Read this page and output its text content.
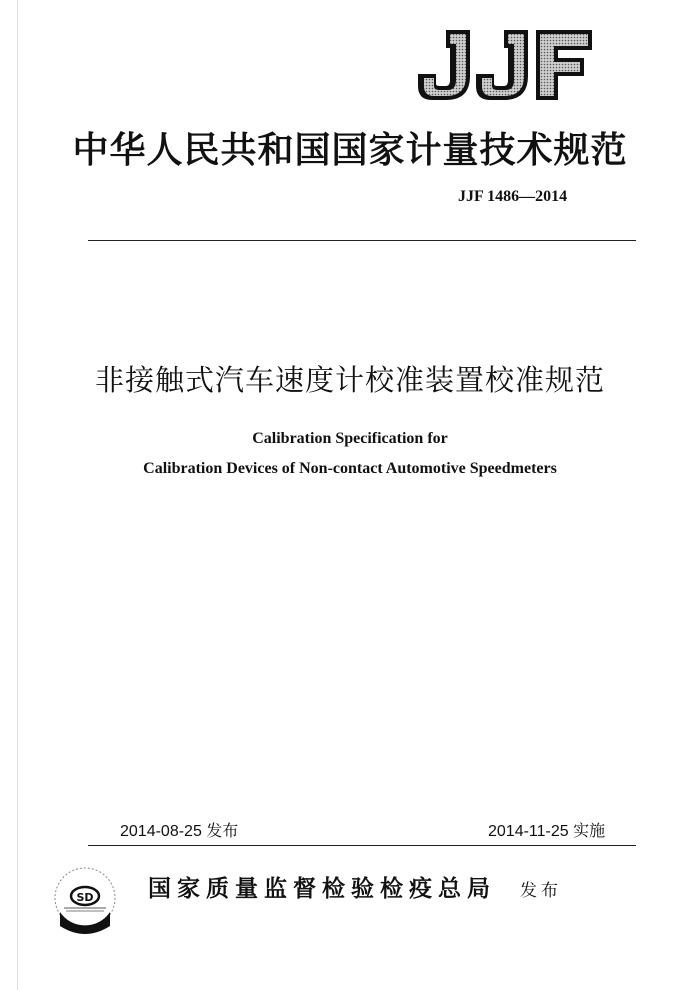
中华人民共和国国家计量技术规范
JJF 1486—2014
非接触式汽车速度计校准装置校准规范
Calibration Specification for
Calibration Devices of Non-contact Automotive Speedmeters
2014-08-25 发布	2014-11-25 实施
SD 国家质量监督检验检疫总局 发布
